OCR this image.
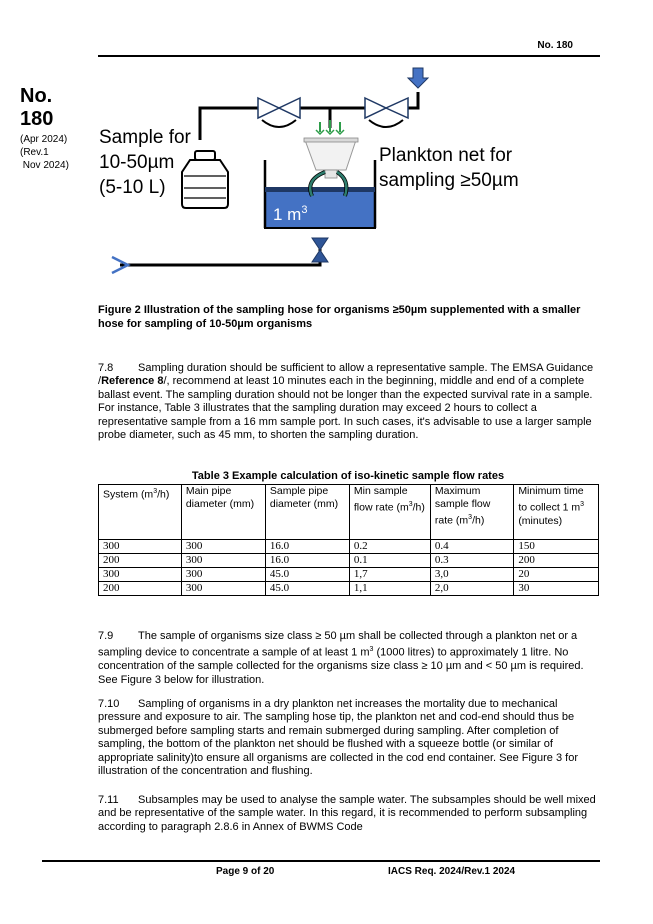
No. 180
No.
180
(Apr 2024)
(Rev.1
Nov 2024)
Sample for
10-50µm
(5-10 L)
Plankton net for
sampling ≥50µm
1 $m^3$
Figure 2 Illustration of the sampling hose for organisms ≥50µm supplemented with a smaller hose for sampling of 10-50µm organisms
7.8 Sampling duration should be sufficient to allow a representative sample. The EMSA Guidance /Reference 8/, recommend at least 10 minutes each in the beginning, middle and end of a complete ballast event. The sampling duration should not be longer than the expected survival rate in a sample. For instance, Table 3 illustrates that the sampling duration may exceed 2 hours to collect a representative sample from a 16 mm sample port. In such cases, it's advisable to use a larger sample probe diameter, such as 45 mm, to shorten the sampling duration.
Table 3 Example calculation of iso-kinetic sample flow rates
System $(m^3/h)$	Main pipe diameter (mm)	Sample pipe diameter (mm)	Min sample flow rate $(m^3/h)$	Maximum sample flow rate $(m^3/h)$	Minimum time to collect 1 $m^3$ (minutes)
300	300	16.0	0.2	0.4	150
200	300	16.0	0.1	0.3	200
300	300	45.0	1,7	3,0	20
200	300	45.0	1,1	2,0	30
7.9 The sample of organisms size class ≥ 50 µm shall be collected through a plankton net or a sampling device to concentrate a sample of at least 1 $m^3$ (1000 litres) to approximately 1 litre. No concentration of the sample collected for the organisms size class ≥ 10 µm and < 50 µm is required. See Figure 3 below for illustration.
7.10 Sampling of organisms in a dry plankton net increases the mortality due to mechanical pressure and exposure to air. The sampling hose tip, the plankton net and cod-end should thus be submerged before sampling starts and remain submerged during sampling. After completion of sampling, the bottom of the plankton net should be flushed with a squeeze bottle (or similar of appropriate salinity)to ensure all organisms are collected in the cod end container. See Figure 3 for illustration of the concentration and flushing.
7.11 Subsamples may be used to analyse the sample water. The subsamples should be well mixed and be representative of the sample water. In this regard, it is recommended to perform subsampling according to paragraph 2.8.6 in Annex of BWMS Code
Page 9 of 20	IACS Req. 2024/Rev.1 2024
